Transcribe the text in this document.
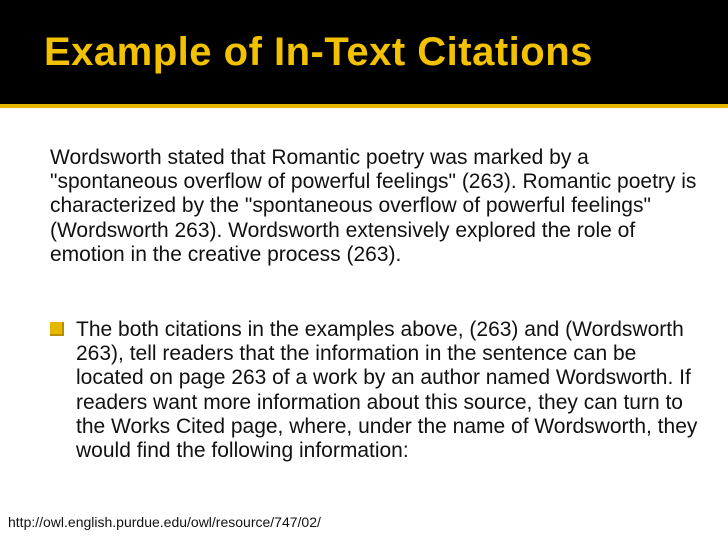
Example of In-Text Citations
Wordsworth stated that Romantic poetry was marked by a "spontaneous overflow of powerful feelings" (263). Romantic poetry is characterized by the "spontaneous overflow of powerful feelings" (Wordsworth 263). Wordsworth extensively explored the role of emotion in the creative process (263).
The both citations in the examples above, (263) and (Wordsworth 263), tell readers that the information in the sentence can be located on page 263 of a work by an author named Wordsworth. If readers want more information about this source, they can turn to the Works Cited page, where, under the name of Wordsworth, they would find the following information:
http://owl.english.purdue.edu/owl/resource/747/02/
